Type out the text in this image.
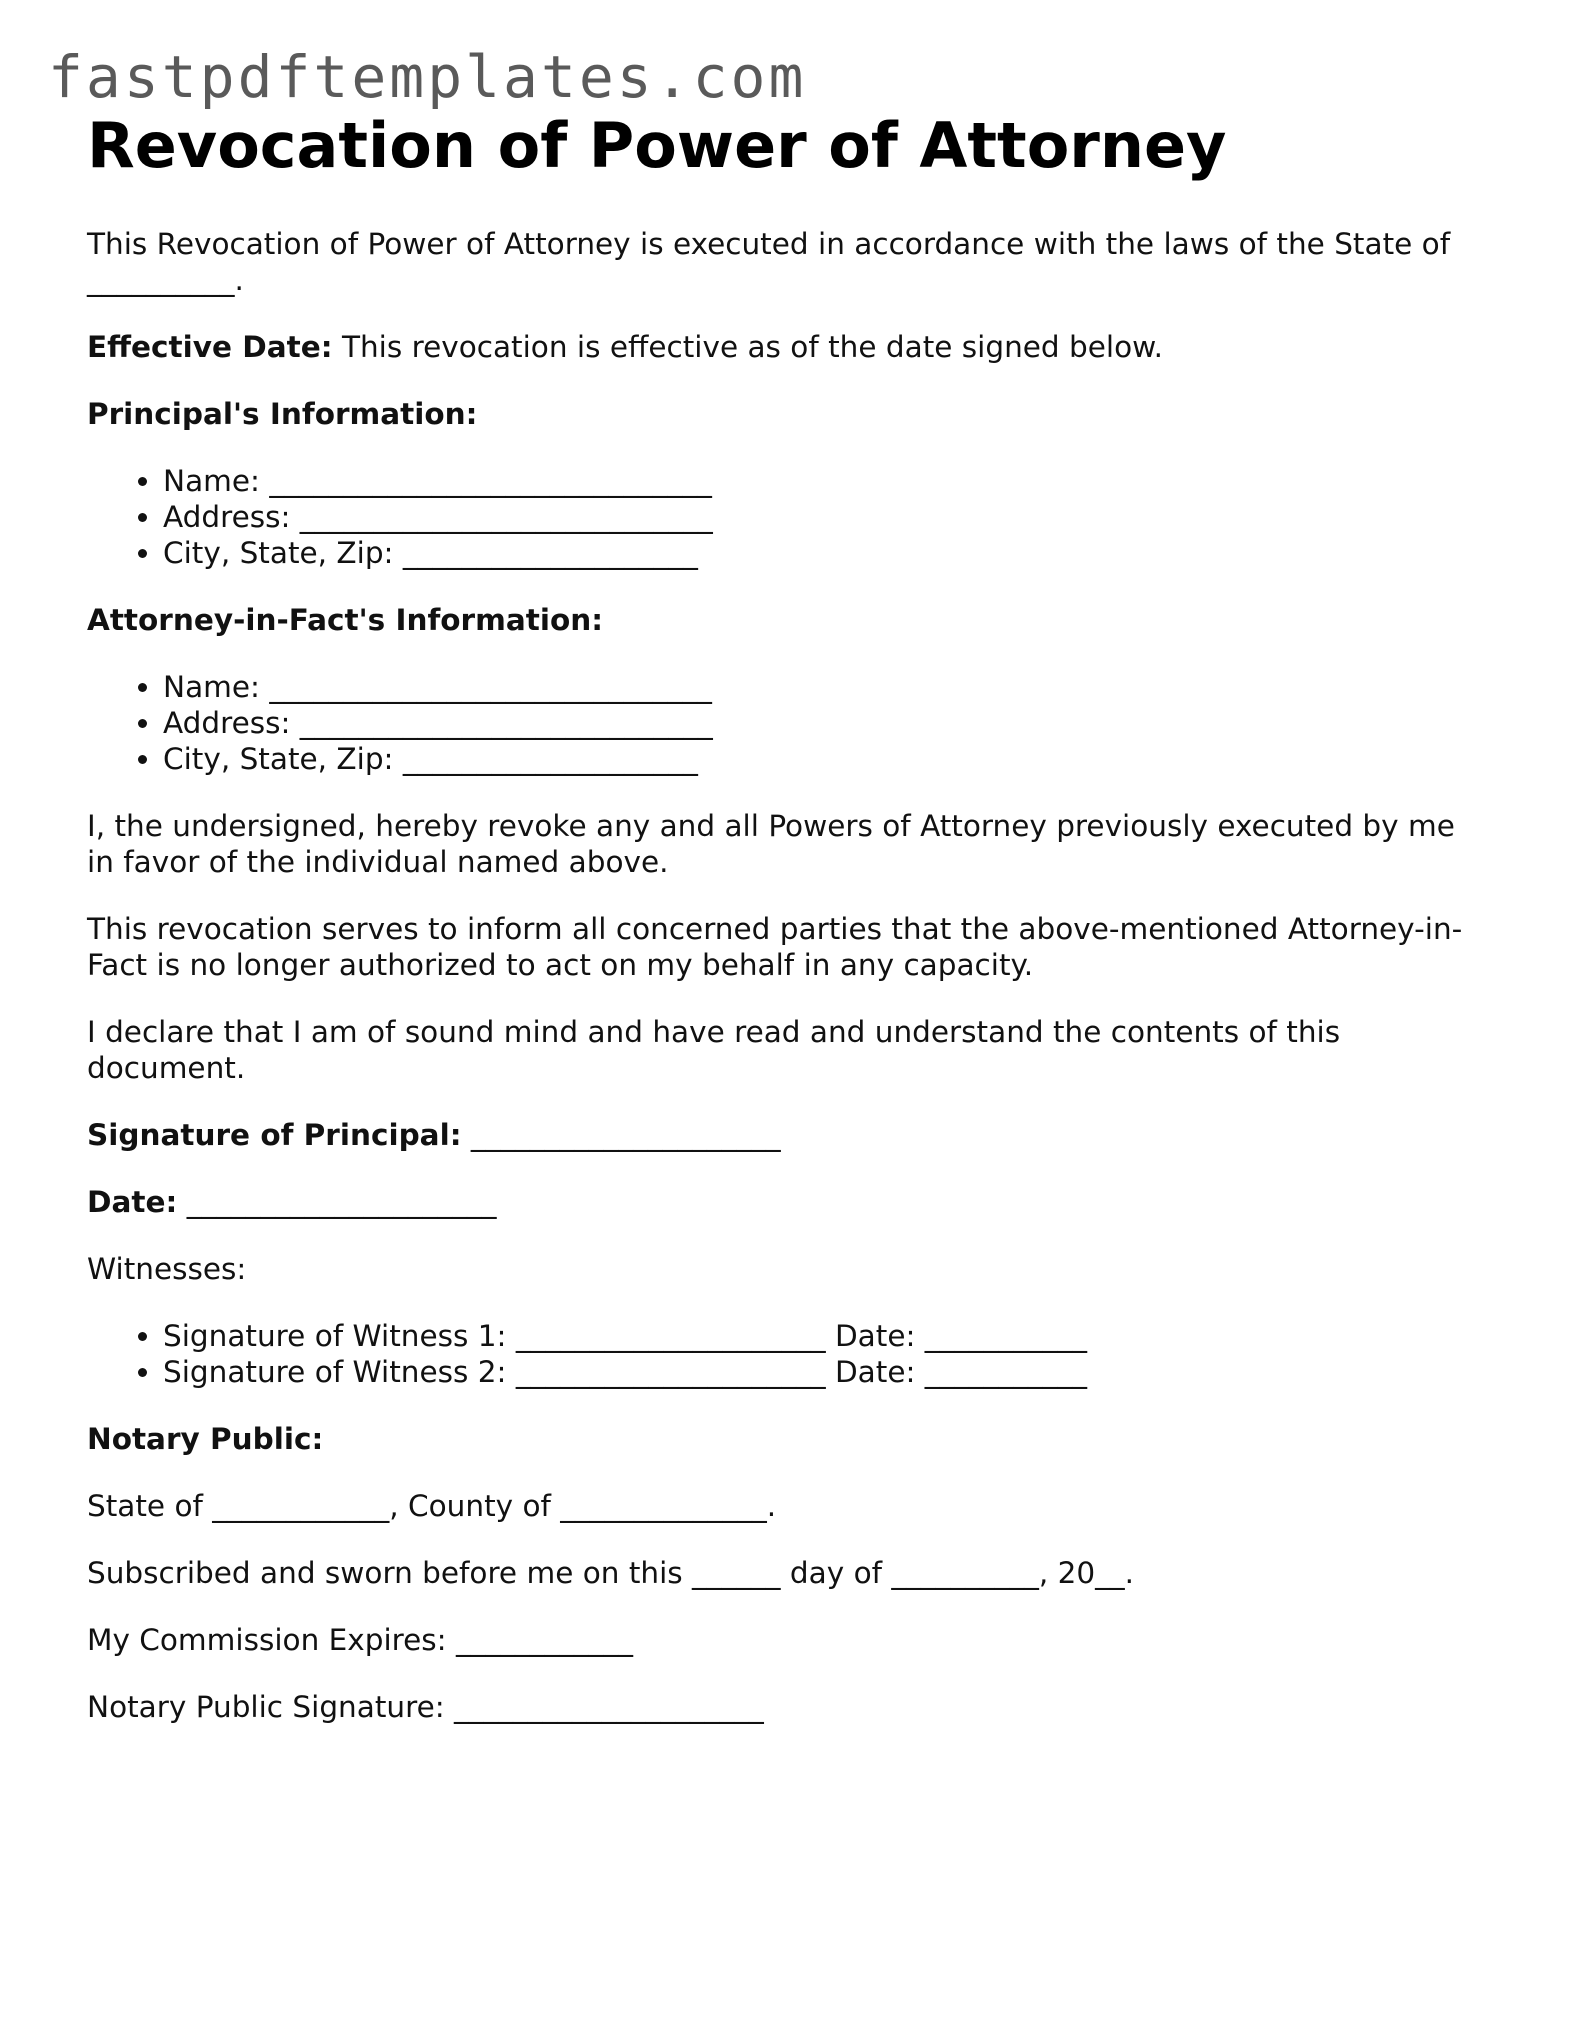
fastpdftemplates.com
Revocation of Power of Attorney

This Revocation of Power of Attorney is executed in accordance with the laws of the State of __________.

Effective Date: This revocation is effective as of the date signed below.

Principal's Information:

• Name: ______________________________
• Address: ____________________________
• City, State, Zip: ____________________

Attorney-in-Fact's Information:

• Name: ______________________________
• Address: ____________________________
• City, State, Zip: ____________________

I, the undersigned, hereby revoke any and all Powers of Attorney previously executed by me in favor of the individual named above.

This revocation serves to inform all concerned parties that the above-mentioned Attorney-in-Fact is no longer authorized to act on my behalf in any capacity.

I declare that I am of sound mind and have read and understand the contents of this document.

Signature of Principal: _____________________

Date: _____________________

Witnesses:

• Signature of Witness 1: _____________________ Date: ___________
• Signature of Witness 2: _____________________ Date: ___________

Notary Public:

State of ____________, County of ______________.

Subscribed and sworn before me on this ______ day of __________, 20__.

My Commission Expires: ____________

Notary Public Signature: _____________________
